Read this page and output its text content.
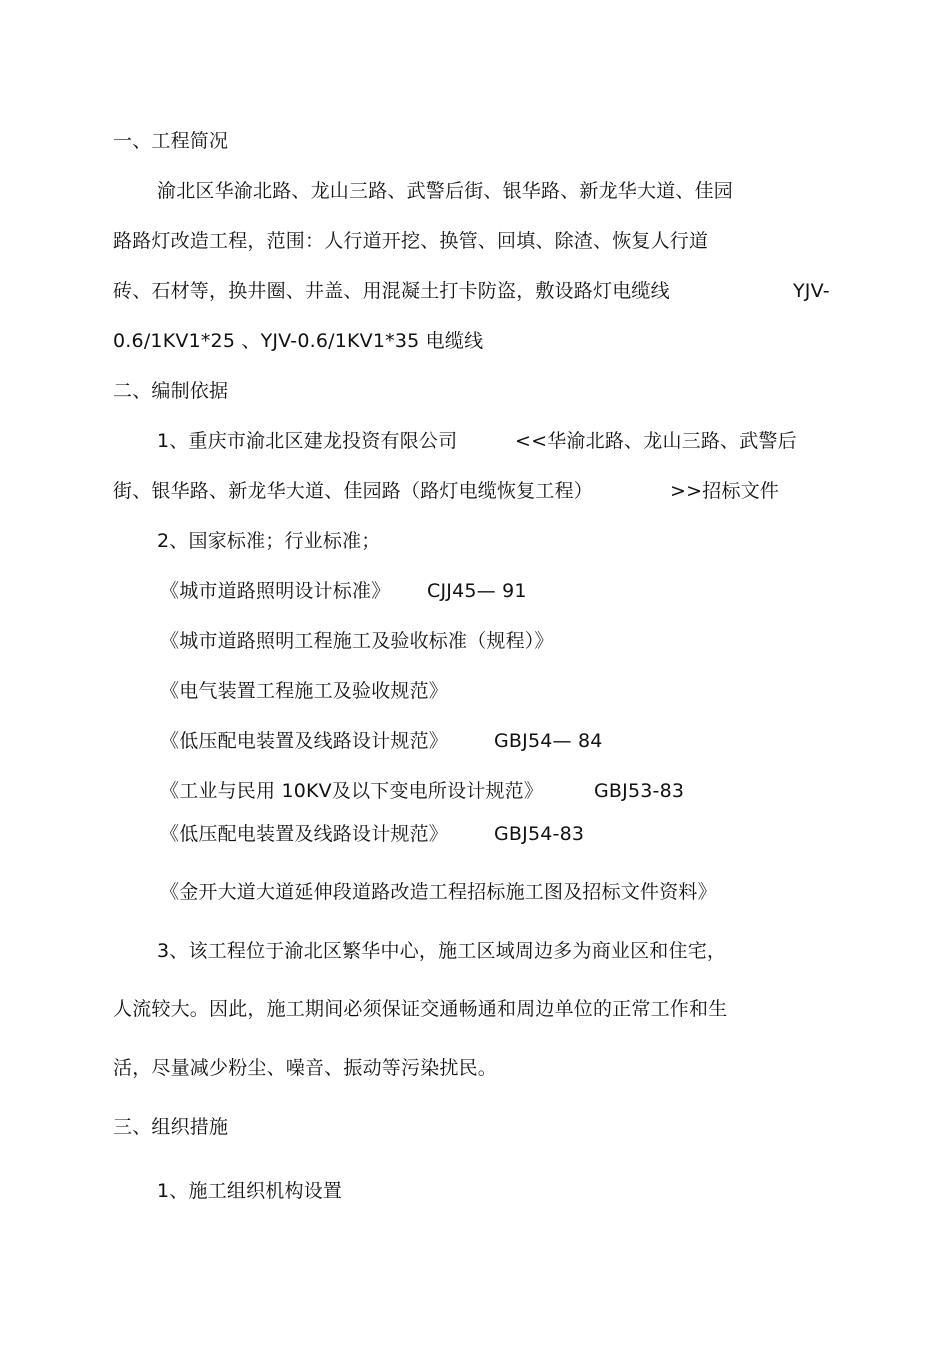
一、工程简况
渝北区华渝北路、龙山三路、武警后街、银华路、新龙华大道、佳园
路路灯改造工程，范围：人行道开挖、换管、回填、除渣、恢复人行道
砖、石材等，换井圈、井盖、用混凝土打卡防盗，敷设路灯电缆线	YJV-
0.6/1KV1*25 、YJV-0.6/1KV1*35 电缆线
二、编制依据
1、重庆市渝北区建龙投资有限公司	<<华渝北路、龙山三路、武警后
街、银华路、新龙华大道、佳园路（路灯电缆恢复工程）	>>招标文件
2、国家标准；行业标准；
《城市道路照明设计标准》 CJJ45— 91
《城市道路照明工程施工及验收标准（规程）》
《电气装置工程施工及验收规范》
《低压配电装置及线路设计规范》 GBJ54— 84
《工业与民用 10KV及以下变电所设计规范》	GBJ53-83
《低压配电装置及线路设计规范》 GBJ54-83
《金开大道大道延伸段道路改造工程招标施工图及招标文件资料》
3、该工程位于渝北区繁华中心，施工区域周边多为商业区和住宅，
人流较大。因此，施工期间必须保证交通畅通和周边单位的正常工作和生
活，尽量减少粉尘、噪音、振动等污染扰民。
三、组织措施
1、施工组织机构设置
